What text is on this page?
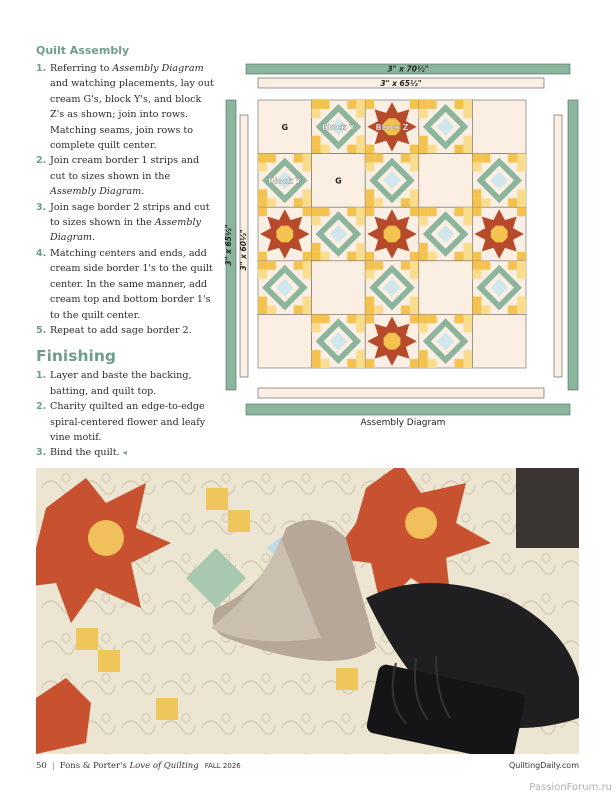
Quilt Assembly
1. Referring to Assembly Diagram and watching placements, lay out cream G's, block Y's, and block Z's as shown; join into rows. Matching seams, join rows to complete quilt center.
2. Join cream border 1 strips and cut to sizes shown in the Assembly Diagram.
3. Join sage border 2 strips and cut to sizes shown in the Assembly Diagram.
4. Matching centers and ends, add cream side border 1's to the quilt center. In the same manner, add cream top and bottom border 1's to the quilt center.
5. Repeat to add sage border 2.
Finishing
1. Layer and baste the backing, batting, and quilt top.
2. Charity quilted an edge-to-edge spiral-centered flower and leafy vine motif.
3. Bind the quilt. ◂
3" x 70½"
3" x 65½"
3" x 65½" 3" x 60½"
G	Block Y	Block Z
Block Y	G
Assembly Diagram
50 | Fons & Porter's Love of Quilting FALL 2026	QuiltingDaily.com
PassionForum.ru
